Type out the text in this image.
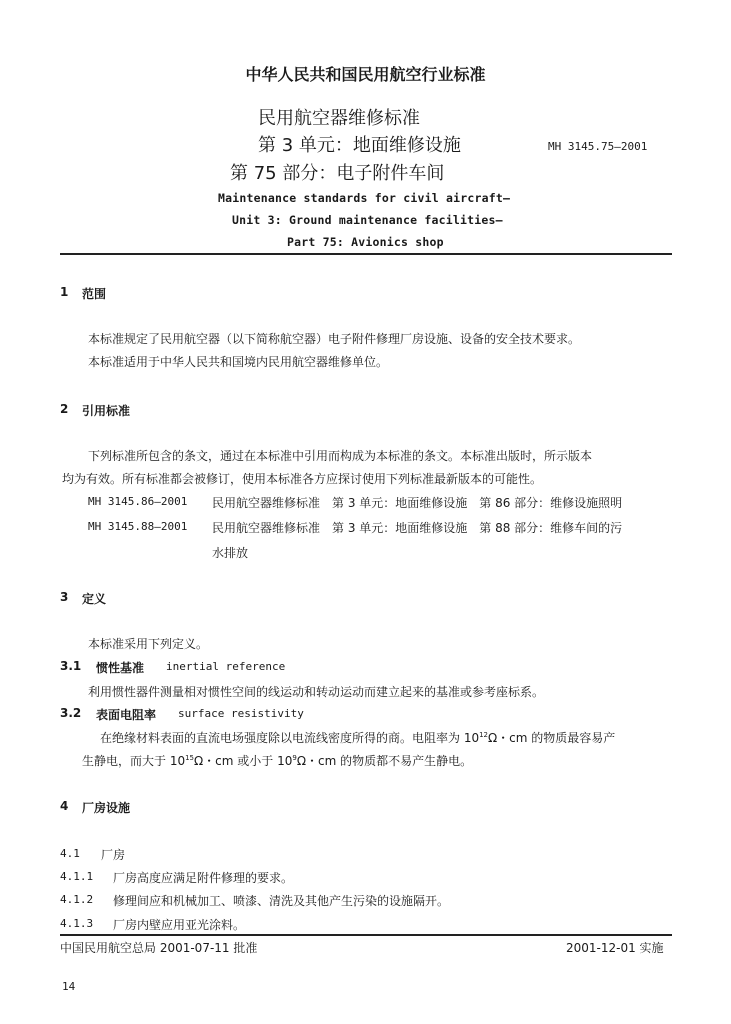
中华人民共和国民用航空行业标准
民用航空器维修标准
第 3 单元：地面维修设施	MH 3145.75—2001
第 75 部分：电子附件车间
Maintenance standards for civil aircraft—
Unit 3: Ground maintenance facilities—
Part 75: Avionics shop
1 范围
本标准规定了民用航空器（以下简称航空器）电子附件修理厂房设施、设备的安全技术要求。
本标准适用于中华人民共和国境内民用航空器维修单位。
2 引用标准
下列标准所包含的条文，通过在本标准中引用而构成为本标准的条文。本标准出版时，所示版本
均为有效。所有标准都会被修订，使用本标准各方应探讨使用下列标准最新版本的可能性。
MH 3145.86—2001 民用航空器维修标准　第 3 单元：地面维修设施　第 86 部分：维修设施照明
MH 3145.88—2001 民用航空器维修标准　第 3 单元：地面维修设施　第 88 部分：维修车间的污
水排放
3 定义
本标准采用下列定义。
3.1 惯性基准 inertial reference
利用惯性器件测量相对惯性空间的线运动和转动运动而建立起来的基准或参考座标系。
3.2 表面电阻率 surface resistivity
在绝缘材料表面的直流电场强度除以电流线密度所得的商。电阻率为 $10^{12}\Omega$・cm 的物质最容易产
生静电，而大于 $10^{15}\Omega$・cm 或小于 $10^9\Omega$・cm 的物质都不易产生静电。
4 厂房设施
4.1 厂房
4.1.1 厂房高度应满足附件修理的要求。
4.1.2 修理间应和机械加工、喷漆、清洗及其他产生污染的设施隔开。
4.1.3 厂房内壁应用亚光涂料。
中国民用航空总局 2001-07-11 批准	2001-12-01 实施
14
